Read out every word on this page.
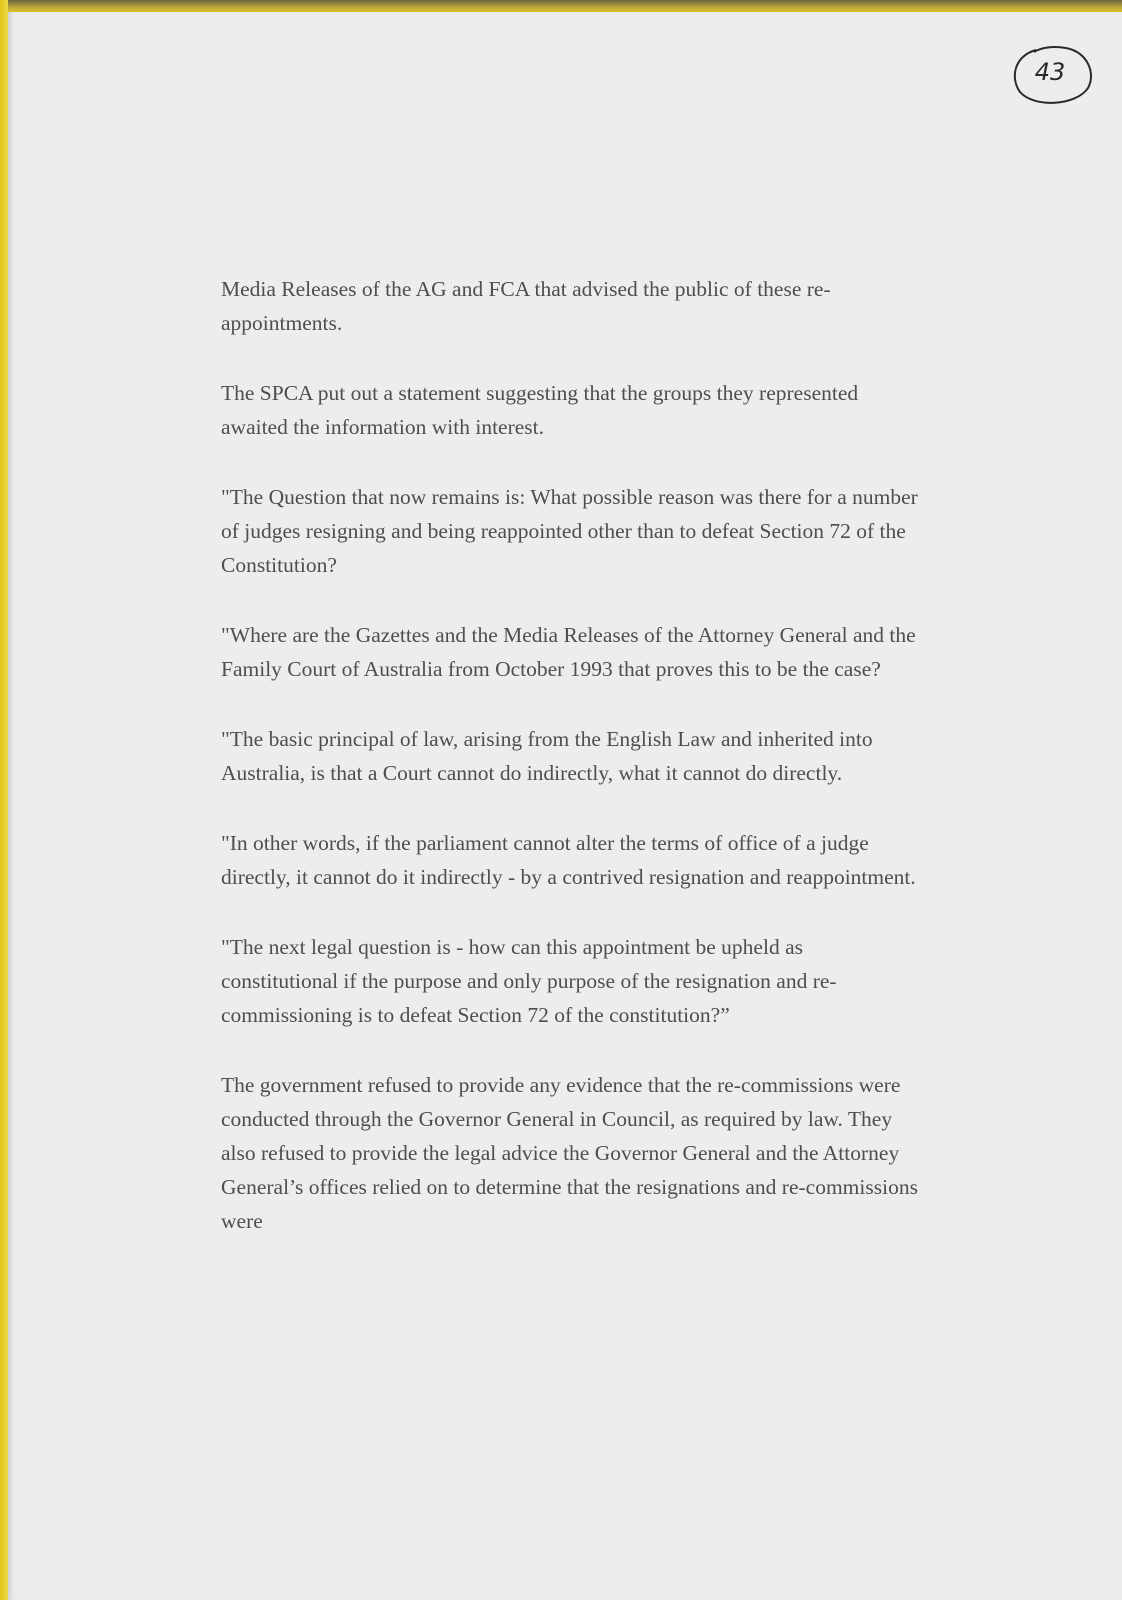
43

Media Releases of the AG and FCA that advised the public of these re-appointments.

The SPCA put out a statement suggesting that the groups they represented awaited the information with interest.

"The Question that now remains is: What possible reason was there for a number of judges resigning and being reappointed other than to defeat Section 72 of the Constitution?

"Where are the Gazettes and the Media Releases of the Attorney General and the Family Court of Australia from October 1993 that proves this to be the case?

"The basic principal of law, arising from the English Law and inherited into Australia, is that a Court cannot do indirectly, what it cannot do directly.

"In other words, if the parliament cannot alter the terms of office of a judge directly, it cannot do it indirectly - by a contrived resignation and reappointment.

"The next legal question is - how can this appointment be upheld as constitutional if the purpose and only purpose of the resignation and re-commissioning is to defeat Section 72 of the constitution?”

The government refused to provide any evidence that the re-commissions were conducted through the Governor General in Council, as required by law. They also refused to provide the legal advice the Governor General and the Attorney General’s offices relied on to determine that the resignations and re-commissions were
